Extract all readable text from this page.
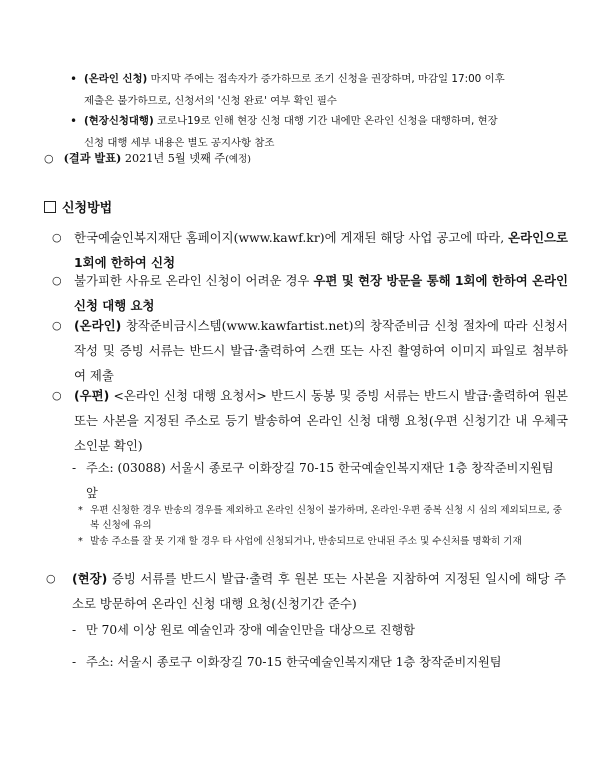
• (온라인 신청) 마지막 주에는 접속자가 증가하므로 조기 신청을 권장하며, 마감일 17:00 이후
제출은 불가하므로, 신청서의 '신청 완료' 여부 확인 필수
• (현장신청대행) 코로나19로 인해 현장 신청 대행 기간 내에만 온라인 신청을 대행하며, 현장
신청 대행 세부 내용은 별도 공지사항 참조
○ (결과 발표) 2021년 5월 넷째 주(예정)
신청방법
○ 한국예술인복지재단 홈페이지(www.kawf.kr)에 게재된 해당 사업 공고에 따라, 온라인으로 1회에 한하여 신청
○ 불가피한 사유로 온라인 신청이 어려운 경우 우편 및 현장 방문을 통해 1회에 한하여 온라인 신청 대행 요청
○ (온라인) 창작준비금시스템(www.kawfartist.net)의 창작준비금 신청 절차에 따라 신청서 작성 및 증빙 서류는 반드시 발급·출력하여 스캔 또는 사진 촬영하여 이미지 파일로 첨부하여 제출
○ (우편) <온라인 신청 대행 요청서> 반드시 동봉 및 증빙 서류는 반드시 발급·출력하여 원본 또는 사본을 지정된 주소로 등기 발송하여 온라인 신청 대행 요청(우편 신청기간 내 우체국 소인분 확인)
- 주소: (03088) 서울시 종로구 이화장길 70-15 한국예술인복지재단 1층 창작준비지원팀 앞
* 우편 신청한 경우 반송의 경우를 제외하고 온라인 신청이 불가하며, 온라인·우편 중복 신청 시 심의 제외되므로, 중복 신청에 유의
* 발송 주소를 잘 못 기재 할 경우 타 사업에 신청되거나, 반송되므로 안내된 주소 및 수신처를 명확히 기재
○	(현장) 증빙 서류를 반드시 발급·출력 후 원본 또는 사본을 지참하여 지정된 일시에 해당 주소로 방문하여 온라인 신청 대행 요청(신청기간 준수)
- 만 70세 이상 원로 예술인과 장애 예술인만을 대상으로 진행함
- 주소: 서울시 종로구 이화장길 70-15 한국예술인복지재단 1층 창작준비지원팀
